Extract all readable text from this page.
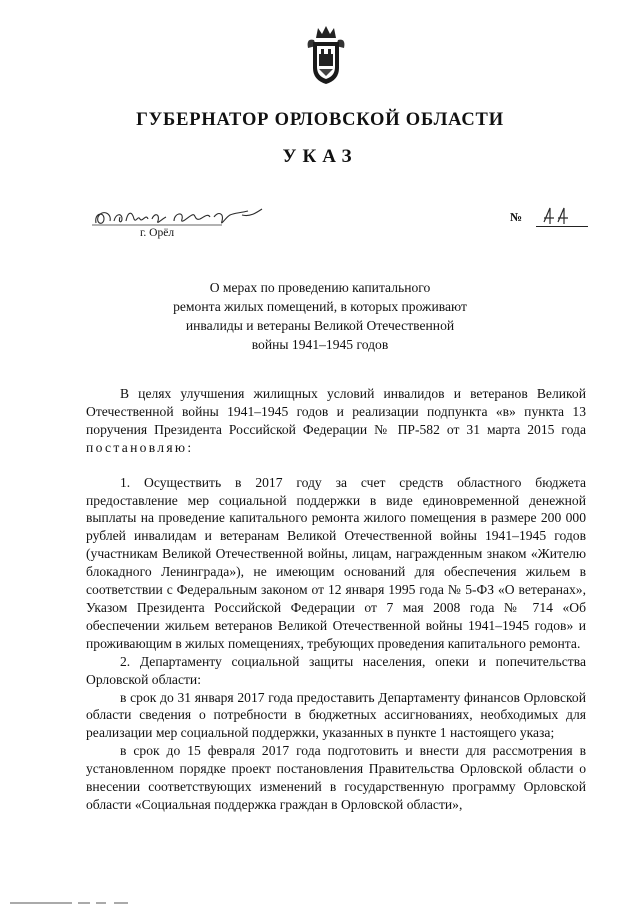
ГУБЕРНАТОР ОРЛОВСКОЙ ОБЛАСТИ
УКАЗ
г. Орёл
№
О мерах по проведению капитального
ремонта жилых помещений, в которых проживают
инвалиды и ветераны Великой Отечественной
войны 1941–1945 годов

В целях улучшения жилищных условий инвалидов и ветеранов Великой Отечественной войны 1941–1945 годов и реализации подпункта «в» пункта 13 поручения Президента Российской Федерации № ПР-582 от 31 марта 2015 года постановляю:

1. Осуществить в 2017 году за счет средств областного бюджета предоставление мер социальной поддержки в виде единовременной денежной выплаты на проведение капитального ремонта жилого помещения в размере 200 000 рублей инвалидам и ветеранам Великой Отечественной войны 1941–1945 годов (участникам Великой Отечественной войны, лицам, награжденным знаком «Жителю блокадного Ленинграда»), не имеющим оснований для обеспечения жильем в соответствии с Федеральным законом от 12 января 1995 года № 5-ФЗ «О ветеранах», Указом Президента Российской Федерации от 7 мая 2008 года № 714 «Об обеспечении жильем ветеранов Великой Отечественной войны 1941–1945 годов» и проживающим в жилых помещениях, требующих проведения капитального ремонта.

2. Департаменту социальной защиты населения, опеки и попечительства Орловской области:

в срок до 31 января 2017 года предоставить Департаменту финансов Орловской области сведения о потребности в бюджетных ассигнованиях, необходимых для реализации мер социальной поддержки, указанных в пункте 1 настоящего указа;

в срок до 15 февраля 2017 года подготовить и внести для рассмотрения в установленном порядке проект постановления Правительства Орловской области о внесении соответствующих изменений в государственную программу Орловской области «Социальная поддержка граждан в Орловской области»,
